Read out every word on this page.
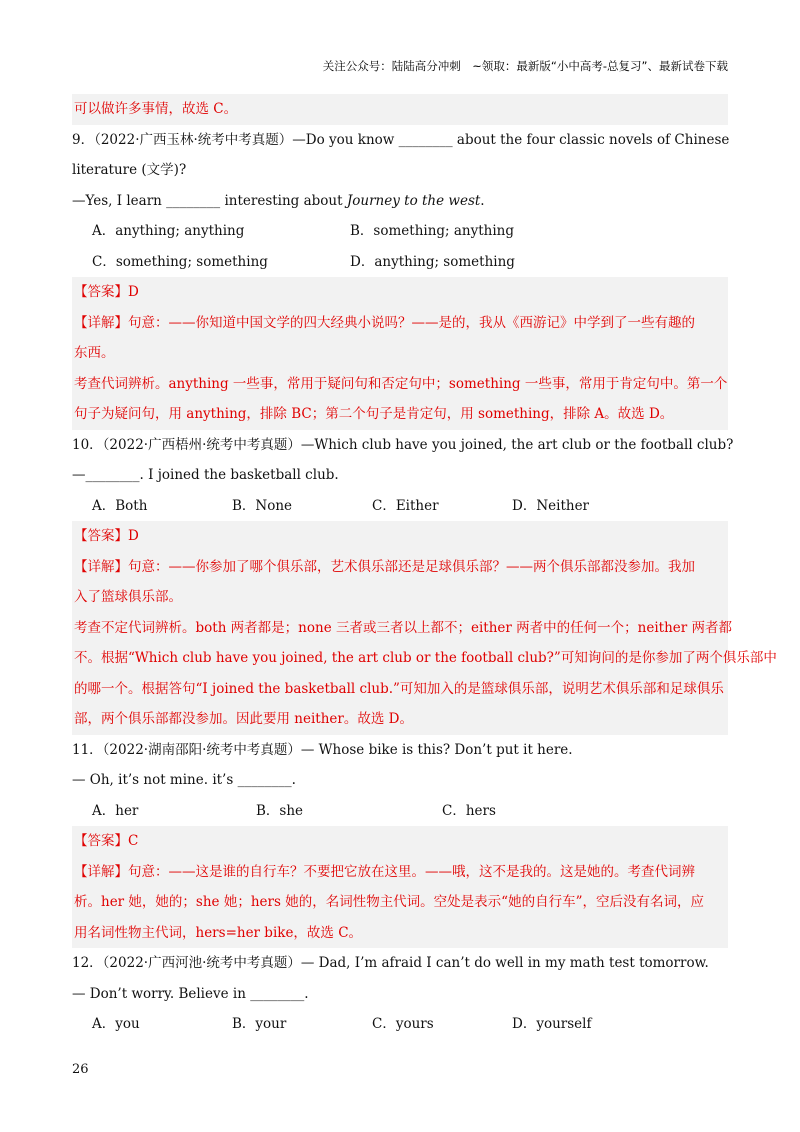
关注公众号：陆陆高分冲刺　~领取：最新版“小中高考-总复习”、最新试卷下载
可以做许多事情，故选 C。
9．（2022·广西玉林·统考中考真题）—Do you know ________ about the four classic novels of Chinese
literature (文学)?
—Yes, I learn ________ interesting about Journey to the west.
A．anything; anything	B．something; anything
C．something; something	D．anything; something
【答案】D
【详解】句意：——你知道中国文学的四大经典小说吗？——是的，我从《西游记》中学到了一些有趣的
东西。
考查代词辨析。anything 一些事，常用于疑问句和否定句中；something 一些事，常用于肯定句中。第一个
句子为疑问句，用 anything，排除 BC；第二个句子是肯定句，用 something，排除 A。故选 D。
10．（2022·广西梧州·统考中考真题）—Which club have you joined, the art club or the football club?
—________. I joined the basketball club.
A．Both	B．None	C．Either	D．Neither
【答案】D
【详解】句意：——你参加了哪个俱乐部，艺术俱乐部还是足球俱乐部？——两个俱乐部都没参加。我加
入了篮球俱乐部。
考查不定代词辨析。both 两者都是；none 三者或三者以上都不；either 两者中的任何一个；neither 两者都
不。根据“Which club have you joined, the art club or the football club?”可知询问的是你参加了两个俱乐部中
的哪一个。根据答句“I joined the basketball club.”可知加入的是篮球俱乐部，说明艺术俱乐部和足球俱乐
部，两个俱乐部都没参加。因此要用 neither。故选 D。
11．（2022·湖南邵阳·统考中考真题）— Whose bike is this? Don’t put it here.
— Oh, it’s not mine. it’s ________.
A．her	B．she	C．hers
【答案】C
【详解】句意：——这是谁的自行车？不要把它放在这里。——哦，这不是我的。这是她的。考查代词辨
析。her 她，她的；she 她；hers 她的，名词性物主代词。空处是表示“她的自行车”，空后没有名词，应
用名词性物主代词，hers=her bike，故选 C。
12．（2022·广西河池·统考中考真题）— Dad, I’m afraid I can’t do well in my math test tomorrow.
— Don’t worry. Believe in ________.
A．you	B．your	C．yours	D．yourself
26
